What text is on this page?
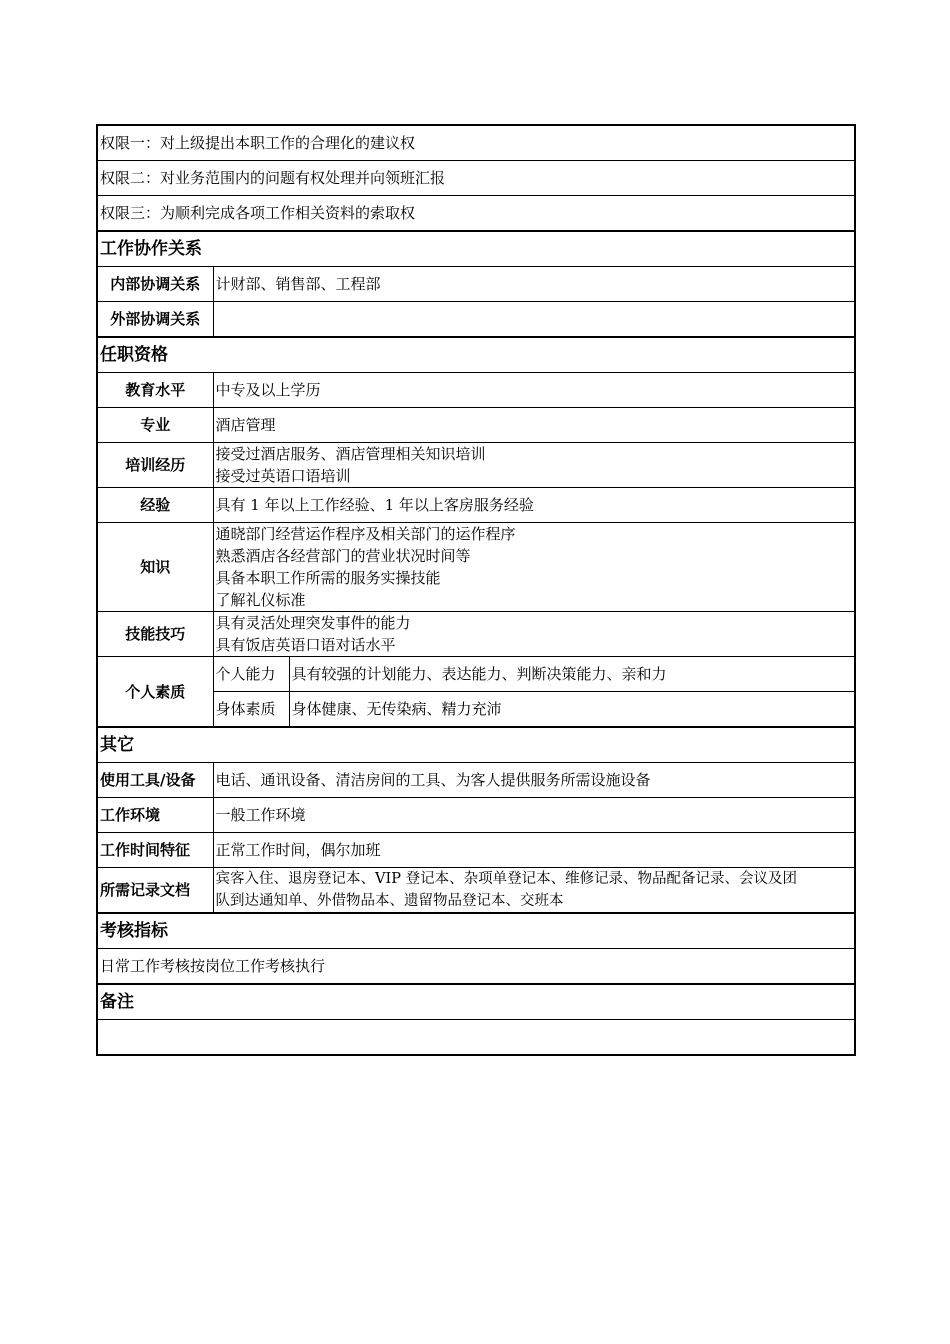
权限一：对上级提出本职工作的合理化的建议权		
权限二：对业务范围内的问题有权处理并向领班汇报		
权限三：为顺利完成各项工作相关资料的索取权		
工作协作关系		
内部协调关系	计财部、销售部、工程部	
外部协调关系		
任职资格		
教育水平	中专及以上学历	
专业	酒店管理	
培训经历	接受过酒店服务、酒店管理相关知识培训
接受过英语口语培训	

经验	具有 1 年以上工作经验、1 年以上客房服务经验	
知识	通晓部门经营运作程序及相关部门的运作程序
熟悉酒店各经营部门的营业状况时间等
具备本职工作所需的服务实操技能
了解礼仪标准	

技能技巧	具有灵活处理突发事件的能力
具有饭店英语口语对话水平	

个人素质	个人能力	具有较强的计划能力、表达能力、判断决策能力、亲和力
	身体素质	身体健康、无传染病、精力充沛
其它		
使用工具/设备	电话、通讯设备、清洁房间的工具、为客人提供服务所需设施设备	
工作环境	一般工作环境	
工作时间特征	正常工作时间，偶尔加班	
所需记录文档	宾客入住、退房登记本、VIP 登记本、杂项单登记本、维修记录、物品配备记录、会议及团
队到达通知单、外借物品本、遗留物品登记本、交班本	

考核指标		
日常工作考核按岗位工作考核执行		
备注		
